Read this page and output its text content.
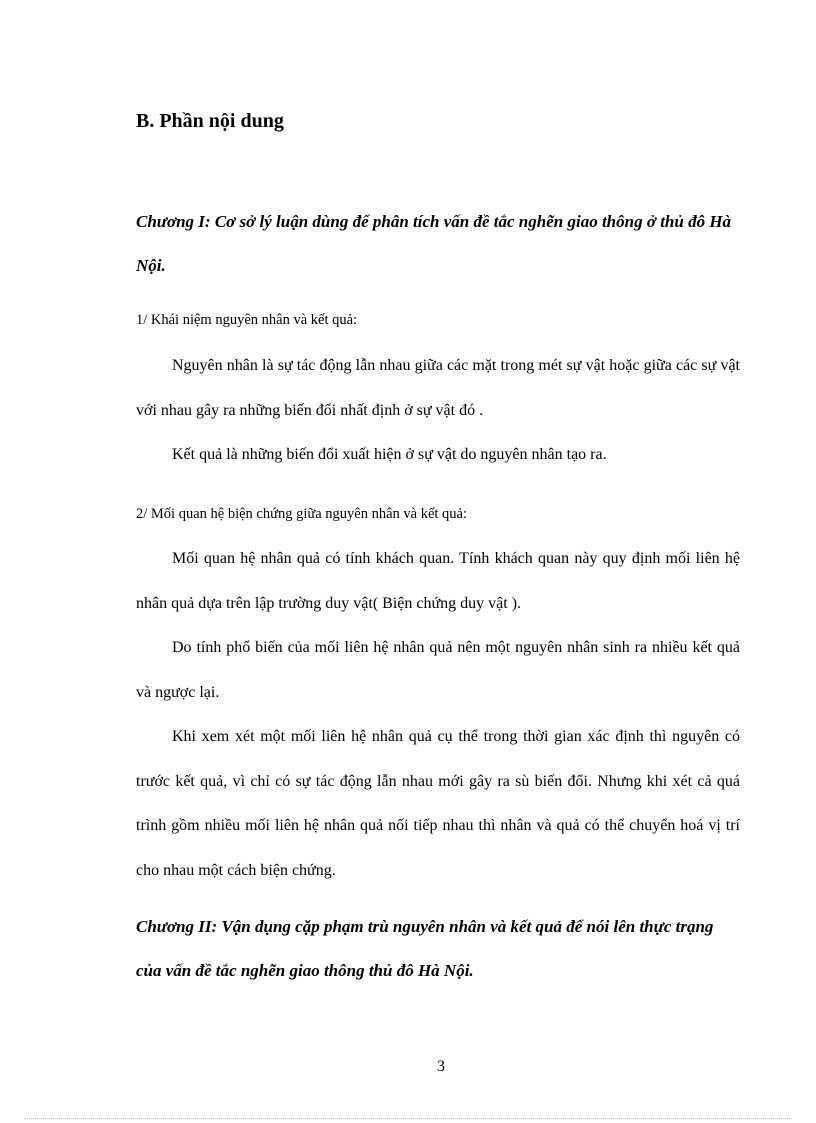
B. Phần nội dung

Chương I: Cơ sở lý luận dùng để phân tích vấn đề tắc nghẽn giao thông ở thủ đô Hà Nội.

1/ Khái niệm nguyên nhân và kết quả:

Nguyên nhân là sự tác động lẫn nhau giữa các mặt trong mét sự vật hoặc giữa các sự vật với nhau gây ra những biến đổi nhất định ở sự vật đó .

Kết quả là những biến đổi xuất hiện ở sự vật do nguyên nhân tạo ra.

2/ Mối quan hệ biện chứng giữa nguyên nhân và kết quả:

Mối quan hệ nhân quả có tính khách quan. Tính khách quan này quy định mối liên hệ nhân quả dựa trên lập trường duy vật( Biện chứng duy vật ).

Do tính phổ biến của mối liên hệ nhân quả nên một nguyên nhân sinh ra nhiều kết quả và ngược lại.

Khi xem xét một mối liên hệ nhân quả cụ thể trong thời gian xác định thì nguyên có trước kết quả, vì chỉ có sự tác động lẫn nhau mới gây ra sù biến đổi. Nhưng khi xét cả quá trình gồm nhiều mối liên hệ nhân quả nối tiếp nhau thì nhân và quả có thể chuyển hoá vị trí cho nhau một cách biện chứng.

Chương II: Vận dụng cặp phạm trù nguyên nhân và kết quả để nói lên thực trạng của vấn đề tắc nghẽn giao thông thủ đô Hà Nội.

3
